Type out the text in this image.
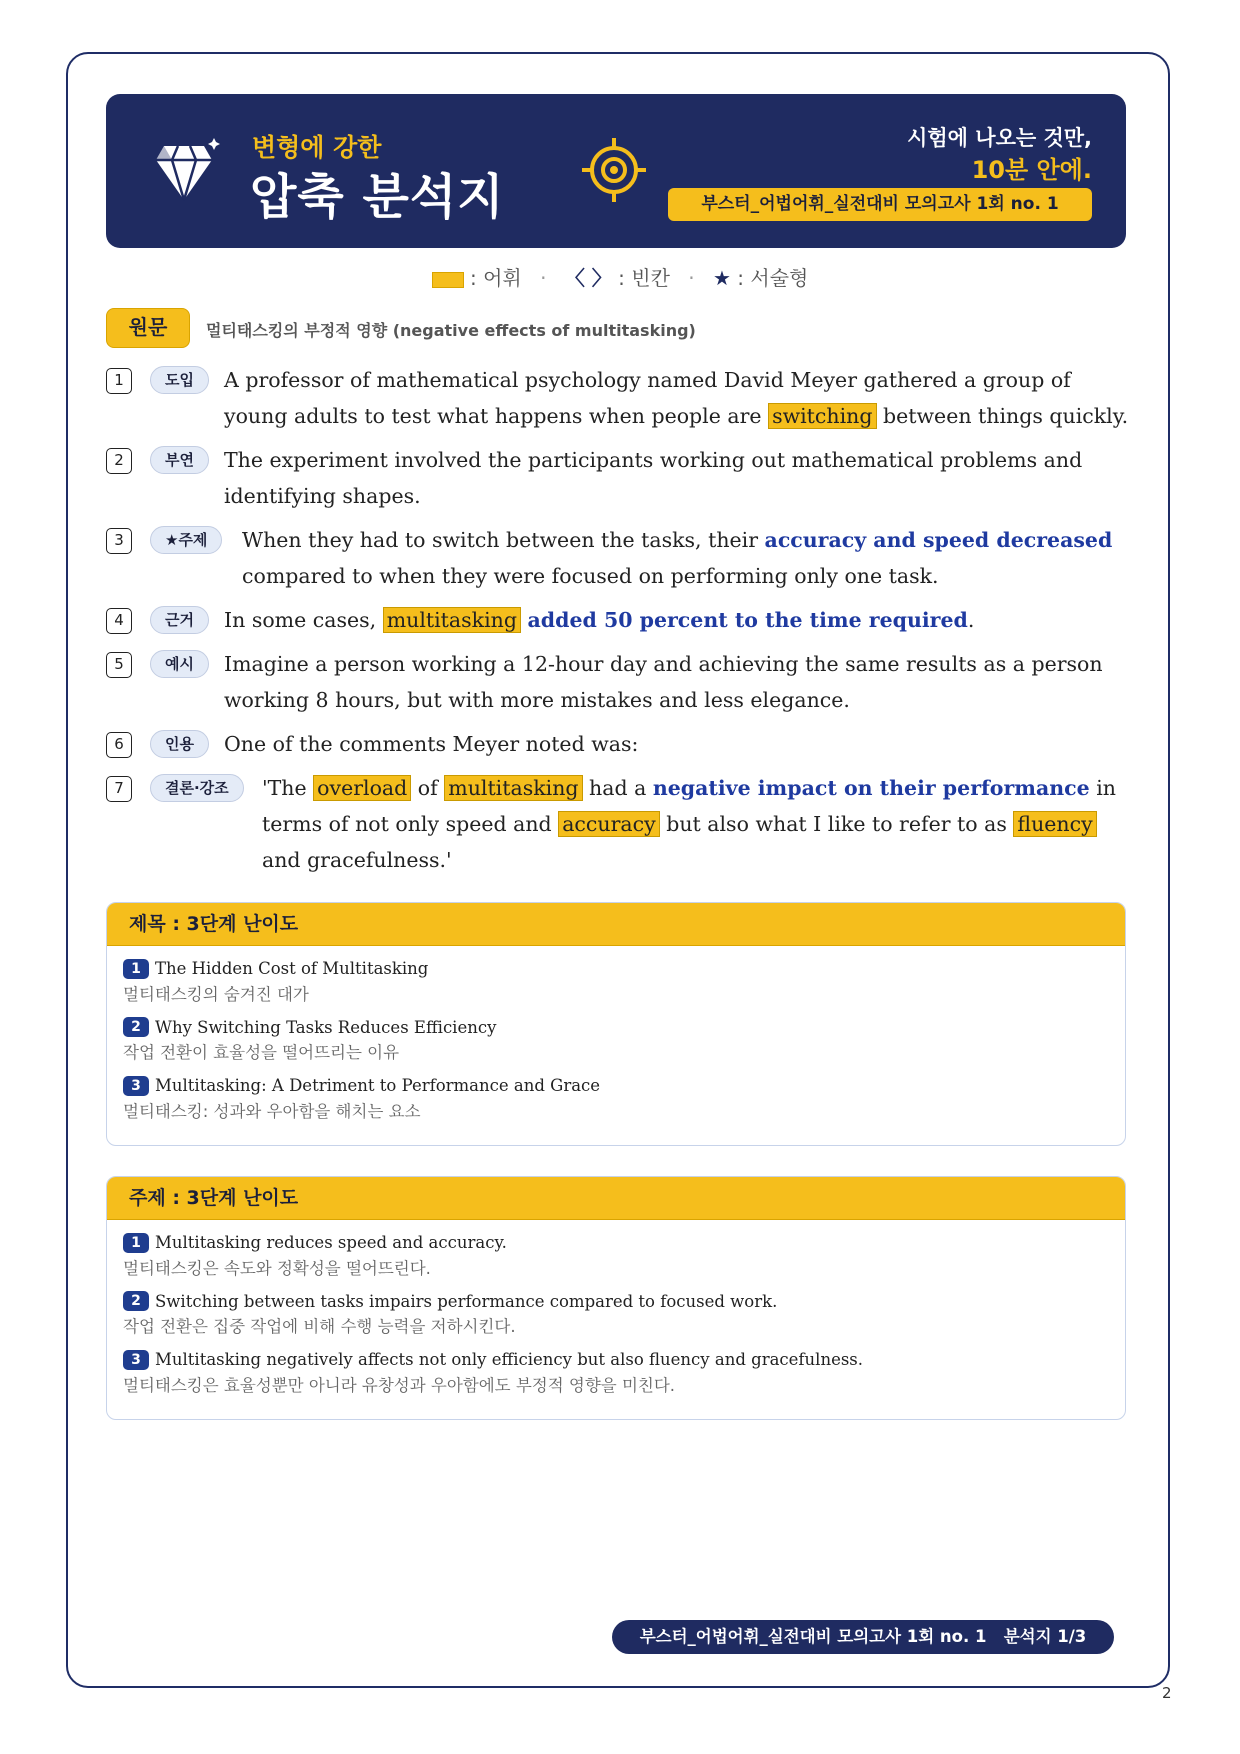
변형에 강한
압축 분석지
시험에 나오는 것만,
10분 안에.
부스터_어법어휘_실전대비 모의고사 1회 no. 1
: 어휘 · 〈 〉 : 빈칸 · ★ : 서술형
원문	멀티태스킹의 부정적 영향 (negative effects of multitasking)
1	도입	A professor of mathematical psychology named David Meyer gathered a group of young adults to test what happens when people are switching between things quickly.
2	부연	The experiment involved the participants working out mathematical problems and identifying shapes.
3	★주제	When they had to switch between the tasks, their accuracy and speed decreased compared to when they were focused on performing only one task.
4	근거	In some cases, multitasking added 50 percent to the time required.
5	예시	Imagine a person working a 12-hour day and achieving the same results as a person working 8 hours, but with more mistakes and less elegance.
6	인용	One of the comments Meyer noted was:
7	결론·강조	'The overload of multitasking had a negative impact on their performance in terms of not only speed and accuracy but also what I like to refer to as fluency and gracefulness.'
제목 : 3단계 난이도
1 The Hidden Cost of Multitasking
멀티태스킹의 숨겨진 대가
2 Why Switching Tasks Reduces Efficiency
작업 전환이 효율성을 떨어뜨리는 이유
3 Multitasking: A Detriment to Performance and Grace
멀티태스킹: 성과와 우아함을 해치는 요소
주제 : 3단계 난이도
1 Multitasking reduces speed and accuracy.
멀티태스킹은 속도와 정확성을 떨어뜨린다.
2 Switching between tasks impairs performance compared to focused work.
작업 전환은 집중 작업에 비해 수행 능력을 저하시킨다.
3 Multitasking negatively affects not only efficiency but also fluency and gracefulness.
멀티태스킹은 효율성뿐만 아니라 유창성과 우아함에도 부정적 영향을 미친다.
부스터_어법어휘_실전대비 모의고사 1회 no. 1   분석지 1/3
2
